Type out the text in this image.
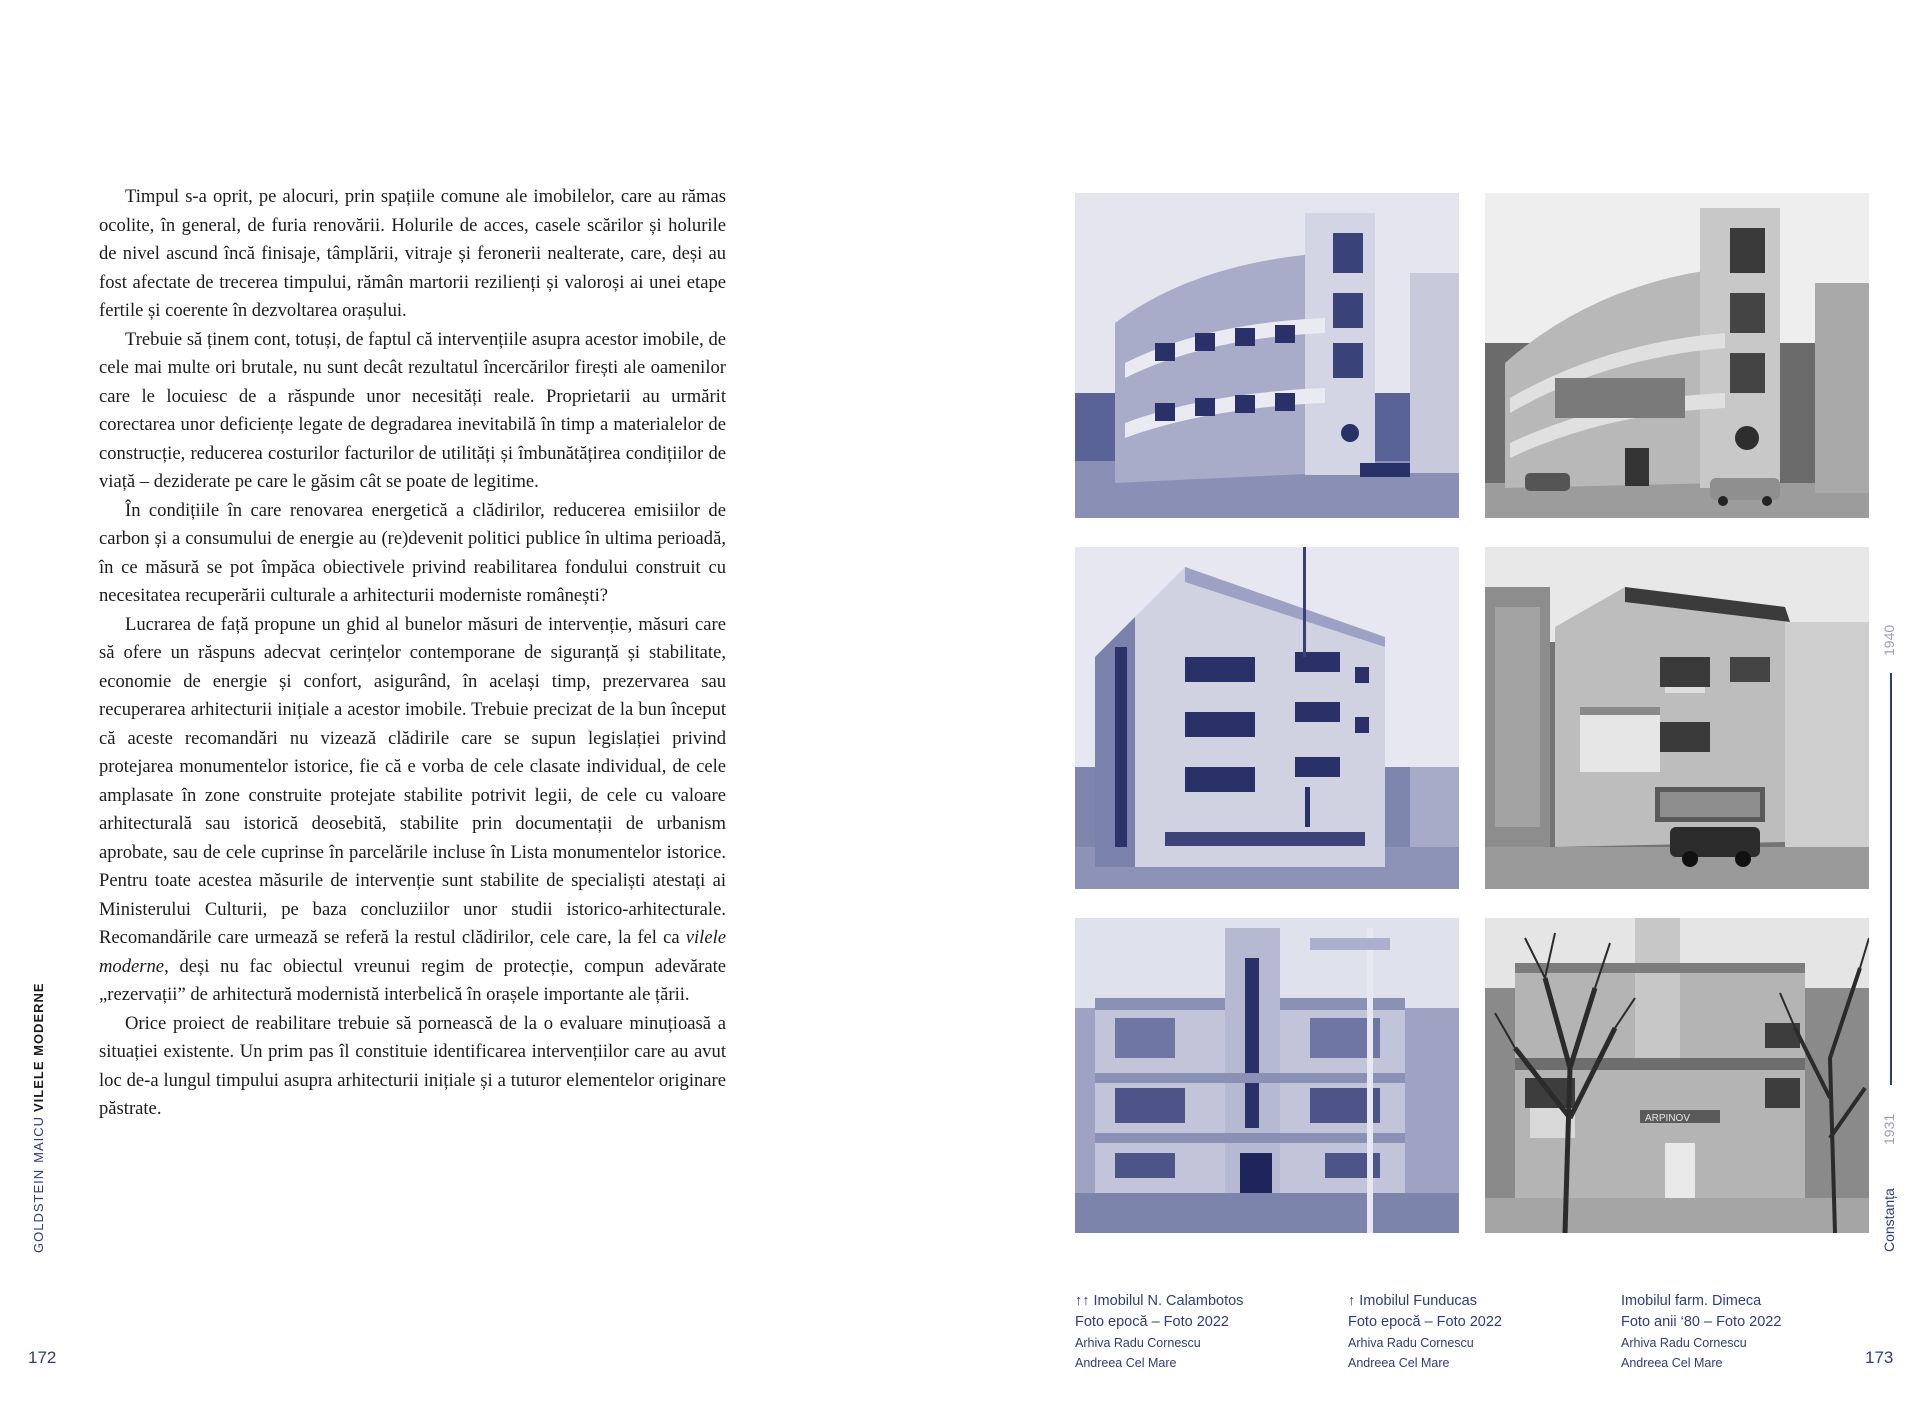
Timpul s-a oprit, pe alocuri, prin spațiile comune ale imobilelor, care au rămas ocolite, în general, de furia renovării. Holurile de acces, casele scărilor și holurile de nivel ascund încă finisaje, tâmplării, vitraje și feronerii nealterate, care, deși au fost afectate de trecerea timpului, rămân martorii rezilienți și valoroși ai unei etape fertile și coerente în dezvoltarea orașului.

Trebuie să ținem cont, totuși, de faptul că intervențiile asupra acestor imobile, de cele mai multe ori brutale, nu sunt decât rezultatul încercărilor firești ale oamenilor care le locuiesc de a răspunde unor necesități reale. Proprietarii au urmărit corectarea unor deficiențe legate de degradarea inevitabilă în timp a materialelor de construcție, reducerea costurilor facturilor de utilități și îmbunătățirea condițiilor de viață – deziderate pe care le găsim cât se poate de legitime.

În condițiile în care renovarea energetică a clădirilor, reducerea emisiilor de carbon și a consumului de energie au (re)devenit politici publice în ultima perioadă, în ce măsură se pot împăca obiectivele privind reabilitarea fondului construit cu necesitatea recuperării culturale a arhitecturii moderniste românești?

Lucrarea de față propune un ghid al bunelor măsuri de intervenție, măsuri care să ofere un răspuns adecvat cerințelor contemporane de siguranță și stabilitate, economie de energie și confort, asigurând, în același timp, prezervarea sau recuperarea arhitecturii inițiale a acestor imobile. Trebuie precizat de la bun început că aceste recomandări nu vizează clădirile care se supun legislației privind protejarea monumentelor istorice, fie că e vorba de cele clasate individual, de cele amplasate în zone construite protejate stabilite potrivit legii, de cele cu valoare arhitecturală sau istorică deosebită, stabilite prin documentații de urbanism aprobate, sau de cele cuprinse în parcelările incluse în Lista monumentelor istorice. Pentru toate acestea măsurile de intervenție sunt stabilite de specialiști atestați ai Ministerului Culturii, pe baza concluziilor unor studii istorico-arhitecturale. Recomandările care urmează se referă la restul clădirilor, cele care, la fel ca vilele moderne, deși nu fac obiectul vreunui regim de protecție, compun adevărate „rezervații” de arhitectură modernistă interbelică în orașele importante ale țării.

Orice proiect de reabilitare trebuie să pornească de la o evaluare minuțioasă a situației existente. Un prim pas îl constituie identificarea intervențiilor care au avut loc de-a lungul timpului asupra arhitecturii inițiale și a tuturor elementelor originare păstrate.

GOLDSTEINMAICU
VILELE MODERNE
172	173
ARPINOV
1940
1931
Constanța
↑↑ Imobilul N. Calambotos
Foto epocă – Foto 2022
Arhiva Radu Cornescu
Andreea Cel Mare
↑ Imobilul Funducas
Foto epocă – Foto 2022
Arhiva Radu Cornescu
Andreea Cel Mare
Imobilul farm. Dimeca
Foto anii ‘80 – Foto 2022
Arhiva Radu Cornescu
Andreea Cel Mare
